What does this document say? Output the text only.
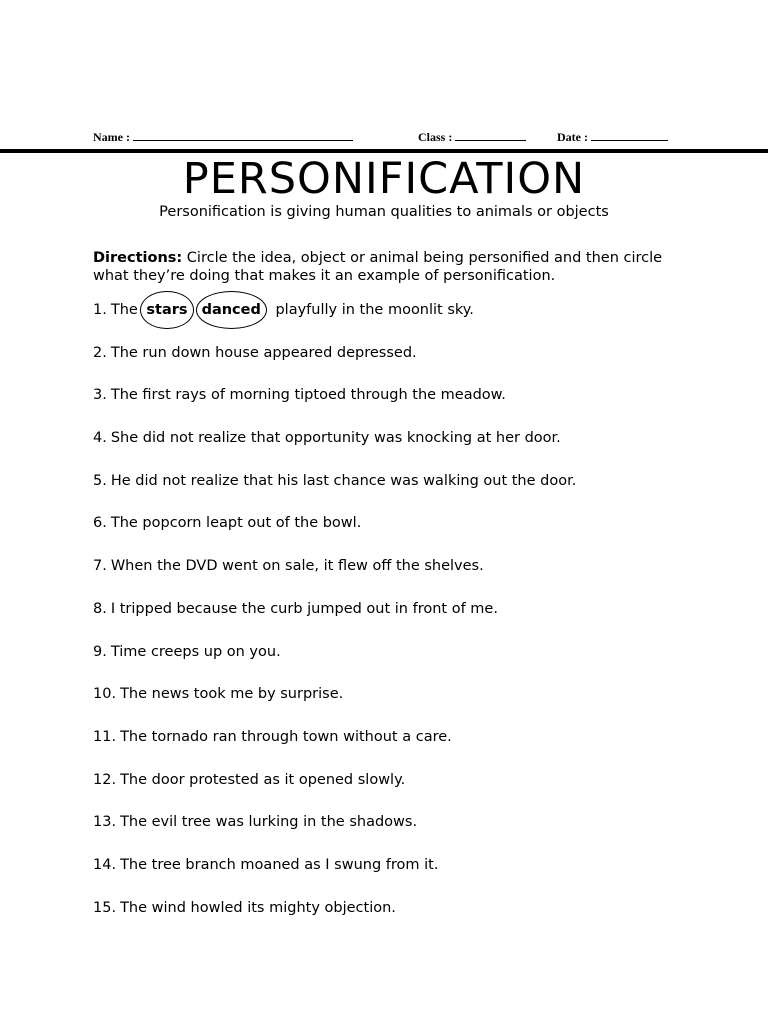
Name :	Class :	Date :
PERSONIFICATION
Personification is giving human qualities to animals or objects
Directions: Circle the idea, object or animal being personified and then circle what they’re doing that makes it an example of personification.
1. The stars danced playfully in the moonlit sky.
2. The run down house appeared depressed.
3. The first rays of morning tiptoed through the meadow.
4. She did not realize that opportunity was knocking at her door.
5. He did not realize that his last chance was walking out the door.
6. The popcorn leapt out of the bowl.
7. When the DVD went on sale, it flew off the shelves.
8. I tripped because the curb jumped out in front of me.
9. Time creeps up on you.
10. The news took me by surprise.
11. The tornado ran through town without a care.
12. The door protested as it opened slowly.
13. The evil tree was lurking in the shadows.
14. The tree branch moaned as I swung from it.
15. The wind howled its mighty objection.
